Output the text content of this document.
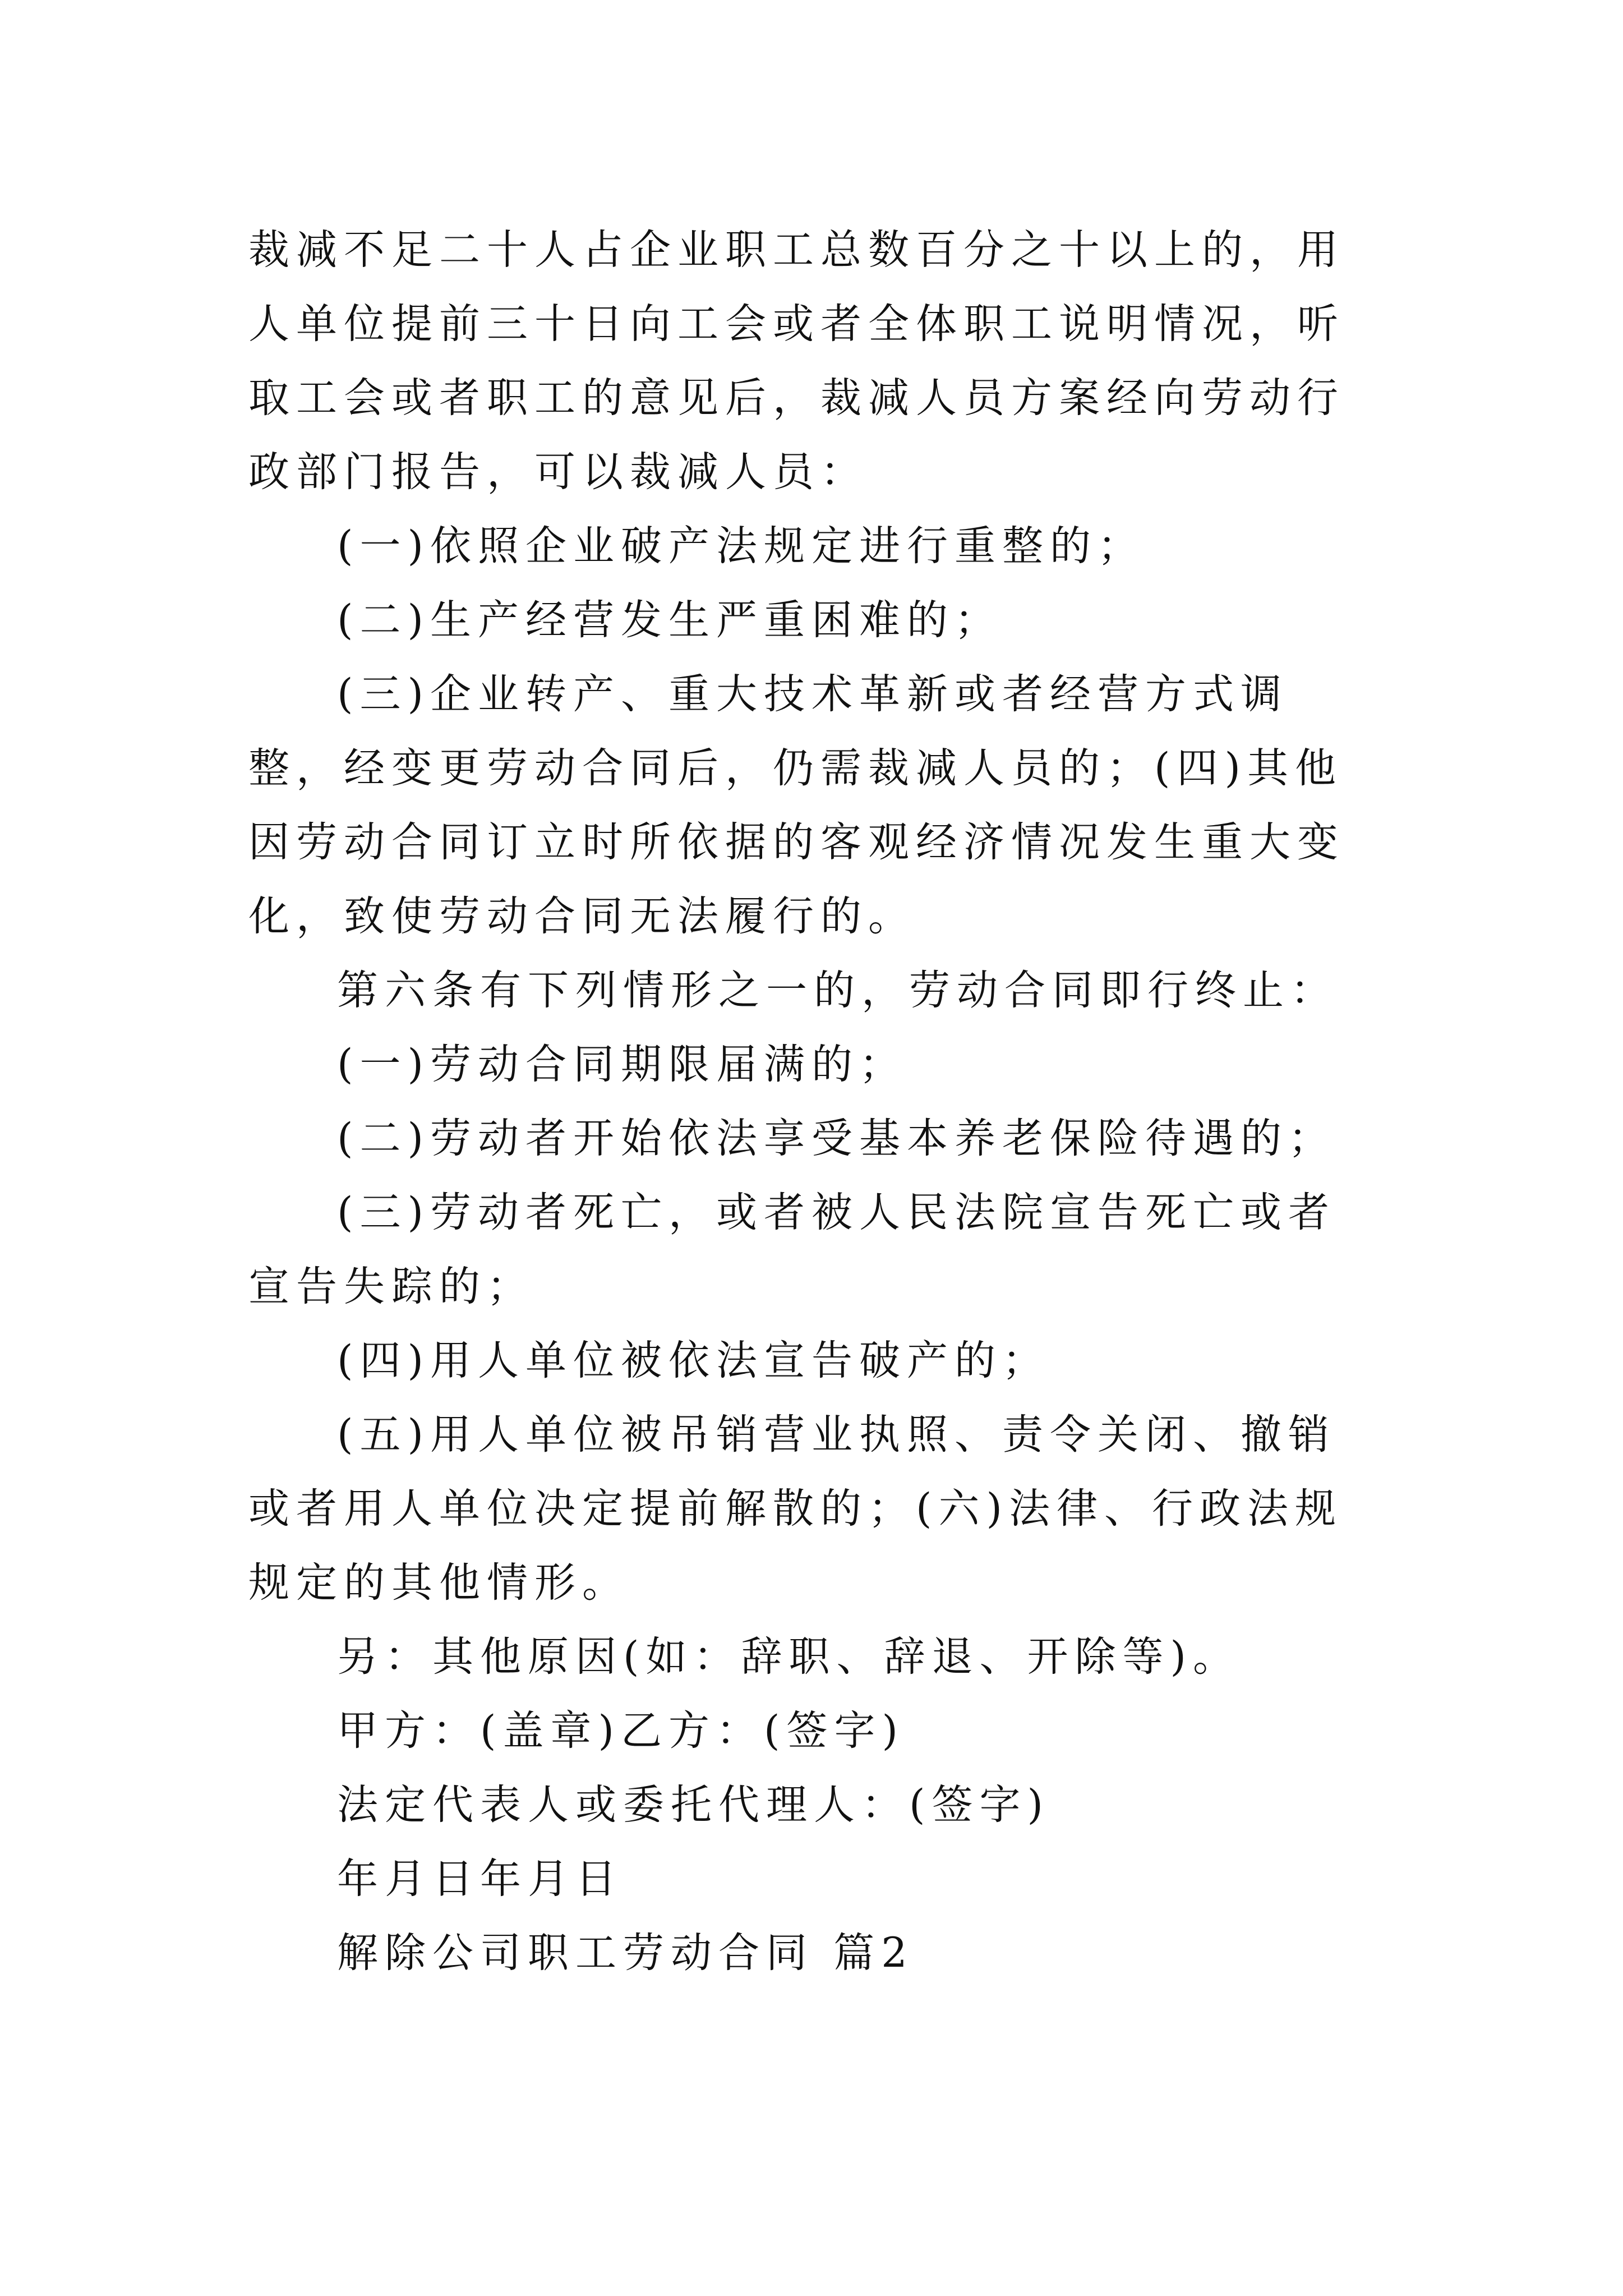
裁减不足二十人占企业职工总数百分之十以上的，用人单位提前三十日向工会或者全体职工说明情况，听取工会或者职工的意见后，裁减人员方案经向劳动行政部门报告，可以裁减人员：

(一)依照企业破产法规定进行重整的；

(二)生产经营发生严重困难的；

(三)企业转产、重大技术革新或者经营方式调整，经变更劳动合同后，仍需裁减人员的；(四)其他因劳动合同订立时所依据的客观经济情况发生重大变化，致使劳动合同无法履行的。

第六条有下列情形之一的，劳动合同即行终止：

(一)劳动合同期限届满的；

(二)劳动者开始依法享受基本养老保险待遇的；

(三)劳动者死亡，或者被人民法院宣告死亡或者宣告失踪的；

(四)用人单位被依法宣告破产的；

(五)用人单位被吊销营业执照、责令关闭、撤销或者用人单位决定提前解散的；(六)法律、行政法规规定的其他情形。

另：其他原因(如：辞职、辞退、开除等)。

甲方：(盖章)乙方：(签字)

法定代表人或委托代理人：(签字)

年月日年月日

解除公司职工劳动合同 篇2
